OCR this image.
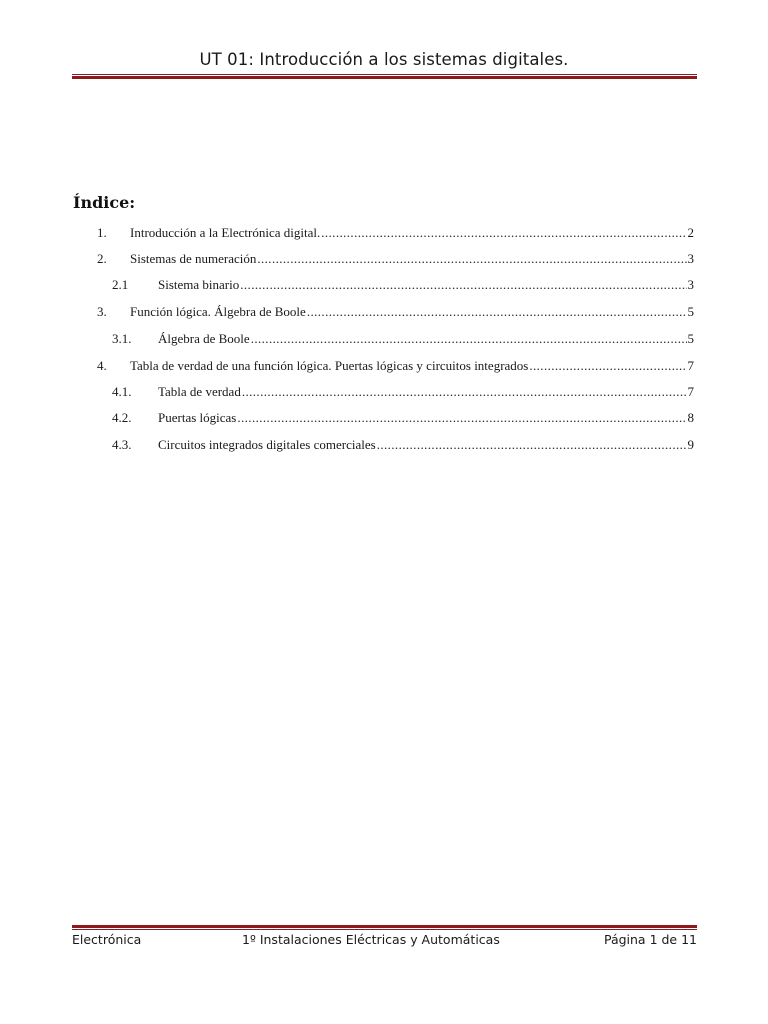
UT 01: Introducción a los sistemas digitales.
Índice:
1.	Introducción a la Electrónica digital. .....	2
2.	Sistemas de numeración .....	3
2.1	Sistema binario .....	3
3.	Función lógica. Álgebra de Boole .....	5
3.1.	Álgebra de Boole .....	5
4.	Tabla de verdad de una función lógica. Puertas lógicas y circuitos integrados .....	7
4.1.	Tabla de verdad .....	7
4.2.	Puertas lógicas .....	8
4.3.	Circuitos integrados digitales comerciales .....	9
Electrónica	1º Instalaciones Eléctricas y Automáticas	Página 1 de 11
